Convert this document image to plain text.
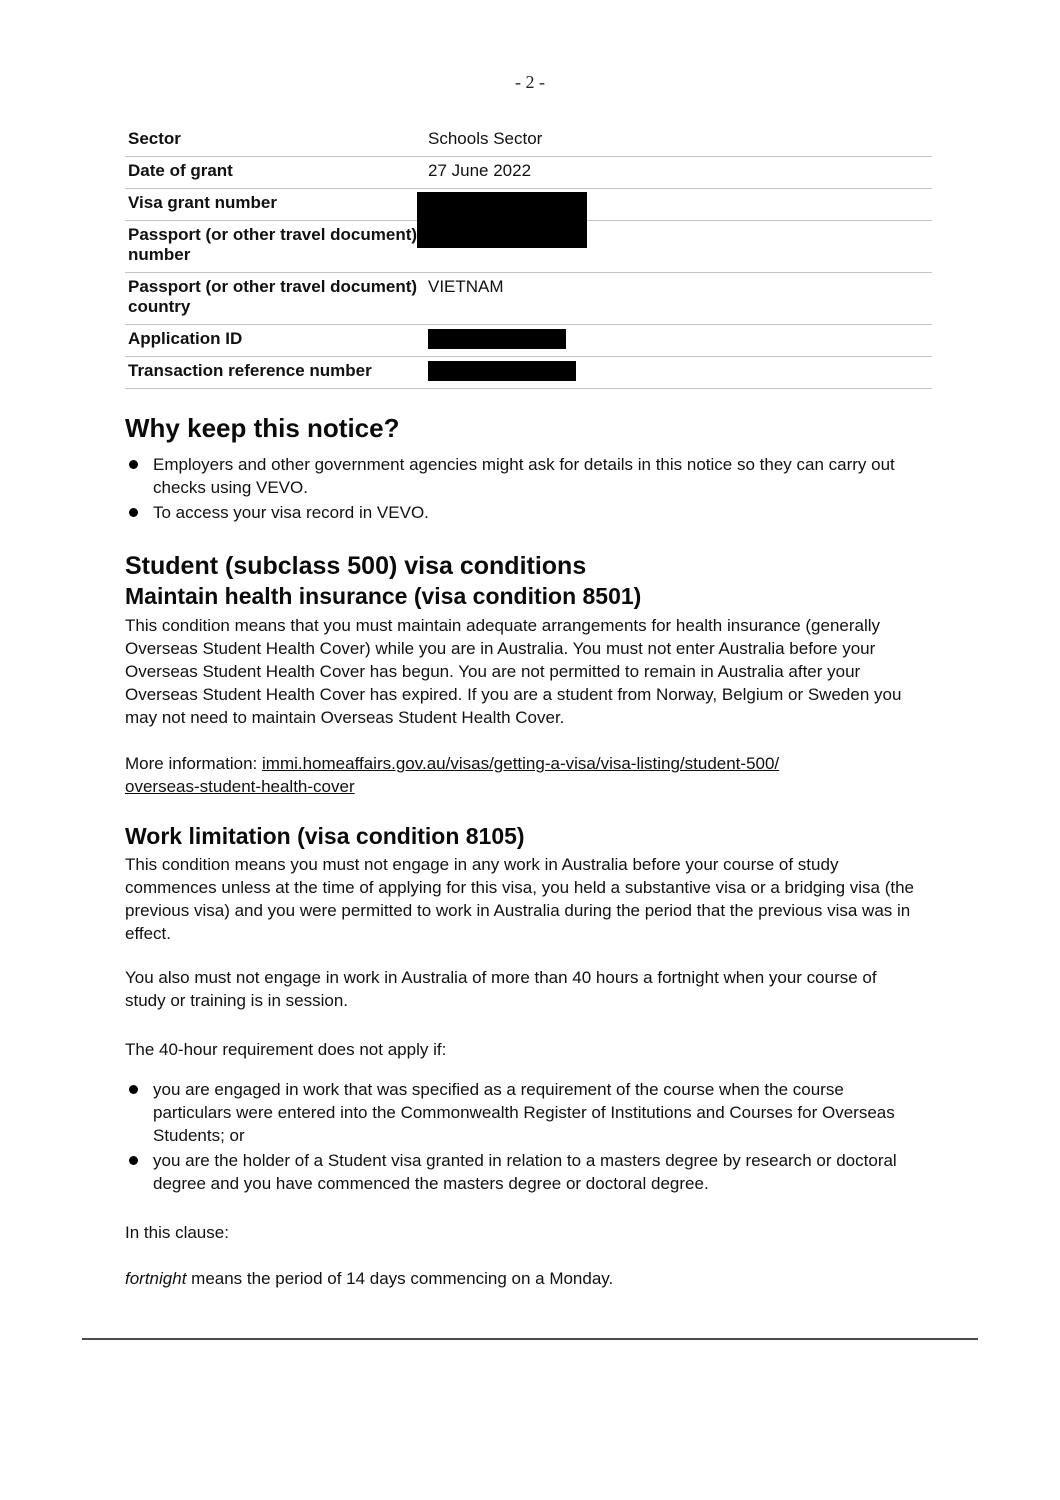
- 2 -
Sector	Schools Sector
Date of grant	27 June 2022
Visa grant number
Passport (or other travel document) number
Passport (or other travel document) country
VIETNAM
Application ID
Transaction reference number
Why keep this notice?
Employers and other government agencies might ask for details in this notice so they can carry out checks using VEVO.
To access your visa record in VEVO.
Student (subclass 500) visa conditions
Maintain health insurance (visa condition 8501)

This condition means that you must maintain adequate arrangements for health insurance (generally Overseas Student Health Cover) while you are in Australia. You must not enter Australia before your Overseas Student Health Cover has begun. You are not permitted to remain in Australia after your Overseas Student Health Cover has expired. If you are a student from Norway, Belgium or Sweden you may not need to maintain Overseas Student Health Cover.

More information: immi.homeaffairs.gov.au/visas/getting-a-visa/visa-listing/student-500/
overseas-student-health-cover

Work limitation (visa condition 8105)

This condition means you must not engage in any work in Australia before your course of study commences unless at the time of applying for this visa, you held a substantive visa or a bridging visa (the previous visa) and you were permitted to work in Australia during the period that the previous visa was in effect.

You also must not engage in work in Australia of more than 40 hours a fortnight when your course of study or training is in session.

The 40-hour requirement does not apply if:

you are engaged in work that was specified as a requirement of the course when the course particulars were entered into the Commonwealth Register of Institutions and Courses for Overseas Students; or
you are the holder of a Student visa granted in relation to a masters degree by research or doctoral degree and you have commenced the masters degree or doctoral degree.

In this clause:

fortnight means the period of 14 days commencing on a Monday.
